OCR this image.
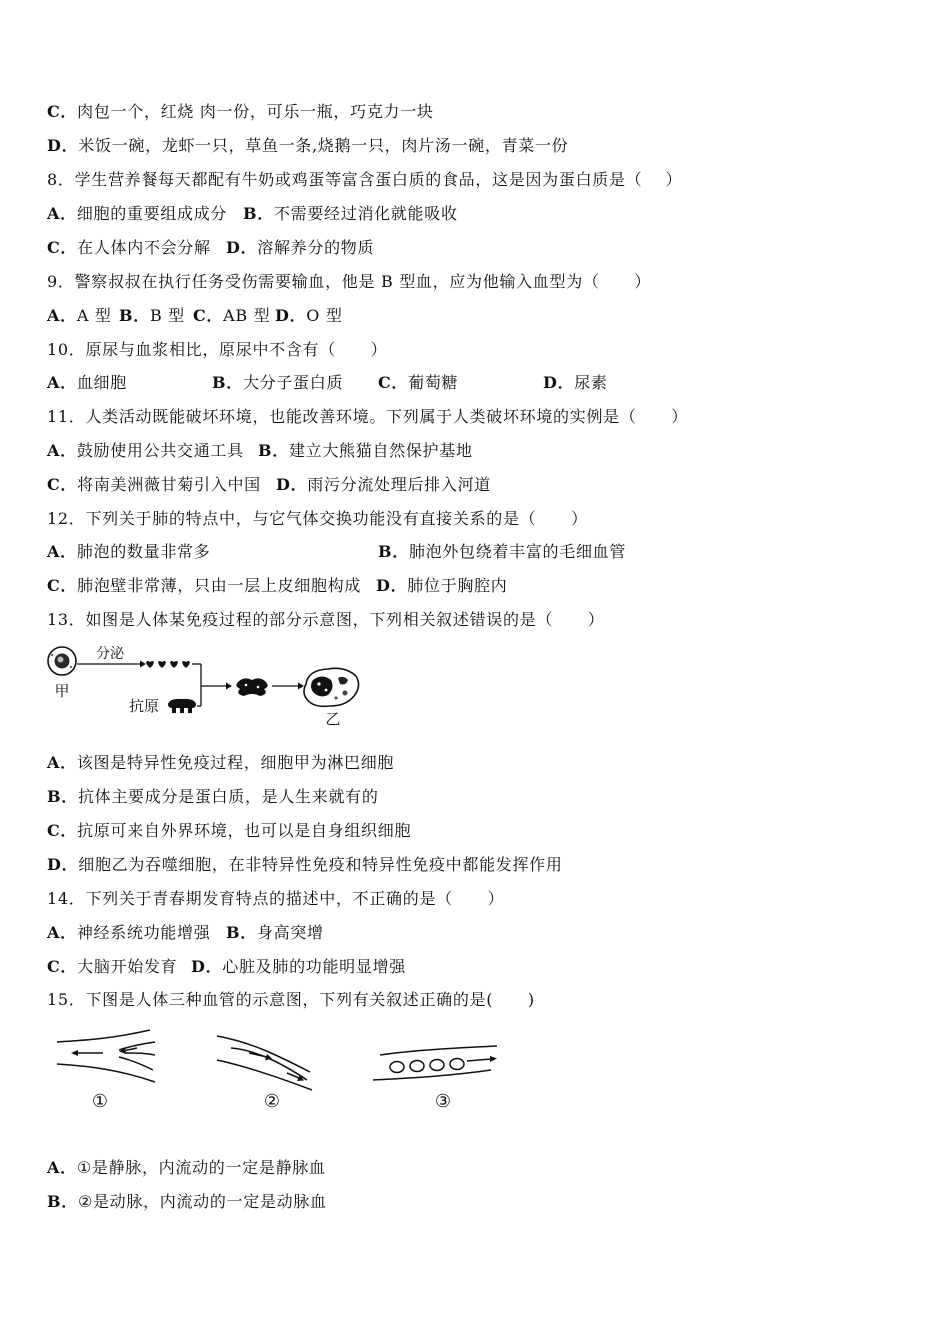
C．肉包一个，红烧 肉一份，可乐一瓶，巧克力一块
D．米饭一碗，龙虾一只，草鱼一条,烧鹅一只，肉片汤一碗，青菜一份
8．学生营养餐每天都配有牛奶或鸡蛋等富含蛋白质的食品，这是因为蛋白质是（    ）
A．细胞的重要组成成分 B．不需要经过消化就能吸收
C．在人体内不会分解 D．溶解养分的物质
9．警察叔叔在执行任务受伤需要输血，他是 B 型血，应为他输入血型为（      ）
A．A 型 B．B 型 C．AB 型 D．O 型
10．原尿与血浆相比，原尿中不含有（      ）
A．血细胞	B．大分子蛋白质 C．葡萄糖	D．尿素
11．人类活动既能破坏环境，也能改善环境。下列属于人类破坏环境的实例是（      ）
A．鼓励使用公共交通工具 B．建立大熊猫自然保护基地
C．将南美洲薇甘菊引入中国 D．雨污分流处理后排入河道
12．下列关于肺的特点中，与它气体交换功能没有直接关系的是（      ）
A．肺泡的数量非常多	B．肺泡外包绕着丰富的毛细血管
C．肺泡壁非常薄，只由一层上皮细胞构成 D．肺位于胸腔内
13．如图是人体某免疫过程的部分示意图，下列相关叙述错误的是（      ）
甲
分泌
抗原
乙
A．该图是特异性免疫过程，细胞甲为淋巴细胞
B．抗体主要成分是蛋白质，是人生来就有的
C．抗原可来自外界环境，也可以是自身组织细胞
D．细胞乙为吞噬细胞，在非特异性免疫和特异性免疫中都能发挥作用
14．下列关于青春期发育特点的描述中，不正确的是（      ）
A．神经系统功能增强 B．身高突增
C．大脑开始发育 D．心脏及肺的功能明显增强
15．下图是人体三种血管的示意图，下列有关叙述正确的是(      )
①	②	③
A．①是静脉，内流动的一定是静脉血
B．②是动脉，内流动的一定是动脉血
